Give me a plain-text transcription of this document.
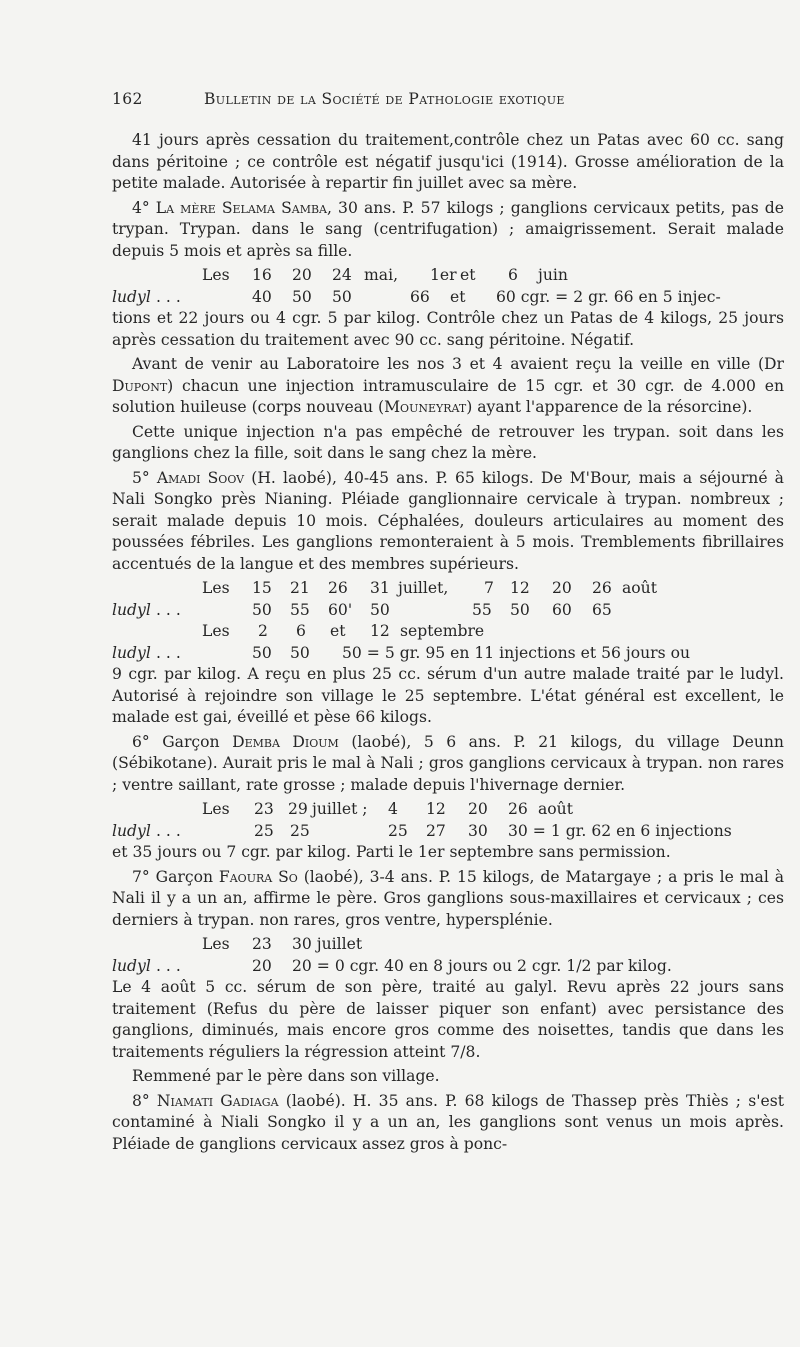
162	Bulletin de la Société de Pathologie exotique

41 jours après cessation du traitement,contrôle chez un Patas avec 60 cc. sang dans péritoine ; ce contrôle est négatif jusqu'ici (1914). Grosse amélioration de la petite malade. Autorisée à repartir fin juillet avec sa mère.

4° La mère Selama Samba, 30 ans. P. 57 kilogs ; ganglions cervicaux petits, pas de trypan. Trypan. dans le sang (centrifugation) ; amaigrissement. Serait malade depuis 5 mois et après sa fille.

Les 16 20 24 mai, 1er et 6 juin
ludyl . . .	40 50 50	66 et 60 cgr. = 2 gr. 66 en 5 injec-

tions et 22 jours ou 4 cgr. 5 par kilog. Contrôle chez un Patas de 4 kilogs, 25 jours après cessation du traitement avec 90 cc. sang péritoine. Négatif.

Avant de venir au Laboratoire les nos 3 et 4 avaient reçu la veille en ville (Dr Dupont) chacun une injection intramusculaire de 15 cgr. et 30 cgr. de 4.000 en solution huileuse (corps nouveau (Mouneyrat) ayant l'apparence de la résorcine).

Cette unique injection n'a pas empêché de retrouver les trypan. soit dans les ganglions chez la fille, soit dans le sang chez la mère.

5° Amadi Soov (H. laobé), 40-45 ans. P. 65 kilogs. De M'Bour, mais a séjourné à Nali Songko près Nianing. Pléiade ganglionnaire cervicale à trypan. nombreux ; serait malade depuis 10 mois. Céphalées, douleurs articulaires au moment des poussées fébriles. Les ganglions remonteraient à 5 mois. Tremblements fibrillaires accentués de la langue et des membres supérieurs.

Les 15 21 26 31 juillet, 7 12 20 26 août
ludyl . . .	50 55 60' 50	55 50 60 65
Les 2 6 et 12 septembre
ludyl . . .	50 50 50 = 5 gr. 95 en 11 injections et 56 jours ou

9 cgr. par kilog. A reçu en plus 25 cc. sérum d'un autre malade traité par le ludyl. Autorisé à rejoindre son village le 25 septembre. L'état général est excellent, le malade est gai, éveillé et pèse 66 kilogs.

6° Garçon Demba Dioum (laobé), 5 6 ans. P. 21 kilogs, du village Deunn (Sébikotane). Aurait pris le mal à Nali ; gros ganglions cervicaux à trypan. non rares ; ventre saillant, rate grosse ; malade depuis l'hivernage dernier.

Les 23 29 juillet ; 4 12 20 26 août
ludyl . . .	25 25	25 27 30 30 = 1 gr. 62 en 6 injections

et 35 jours ou 7 cgr. par kilog. Parti le 1er septembre sans permission.

7° Garçon Faoura So (laobé), 3-4 ans. P. 15 kilogs, de Matargaye ; a pris le mal à Nali il y a un an, affirme le père. Gros ganglions sous-maxillaires et cervicaux ; ces derniers à trypan. non rares, gros ventre, hypersplénie.

Les 23 30 juillet
ludyl . . .	20 20 = 0 cgr. 40 en 8 jours ou 2 cgr. 1/2 par kilog.

Le 4 août 5 cc. sérum de son père, traité au galyl. Revu après 22 jours sans traitement (Refus du père de laisser piquer son enfant) avec persistance des ganglions, diminués, mais encore gros comme des noisettes, tandis que dans les traitements réguliers la régression atteint 7/8.

Remmené par le père dans son village.

8° Niamati Gadiaga (laobé). H. 35 ans. P. 68 kilogs de Thassep près Thiès ; s'est contaminé à Niali Songko il y a un an, les ganglions sont venus un mois après. Pléiade de ganglions cervicaux assez gros à ponc-
